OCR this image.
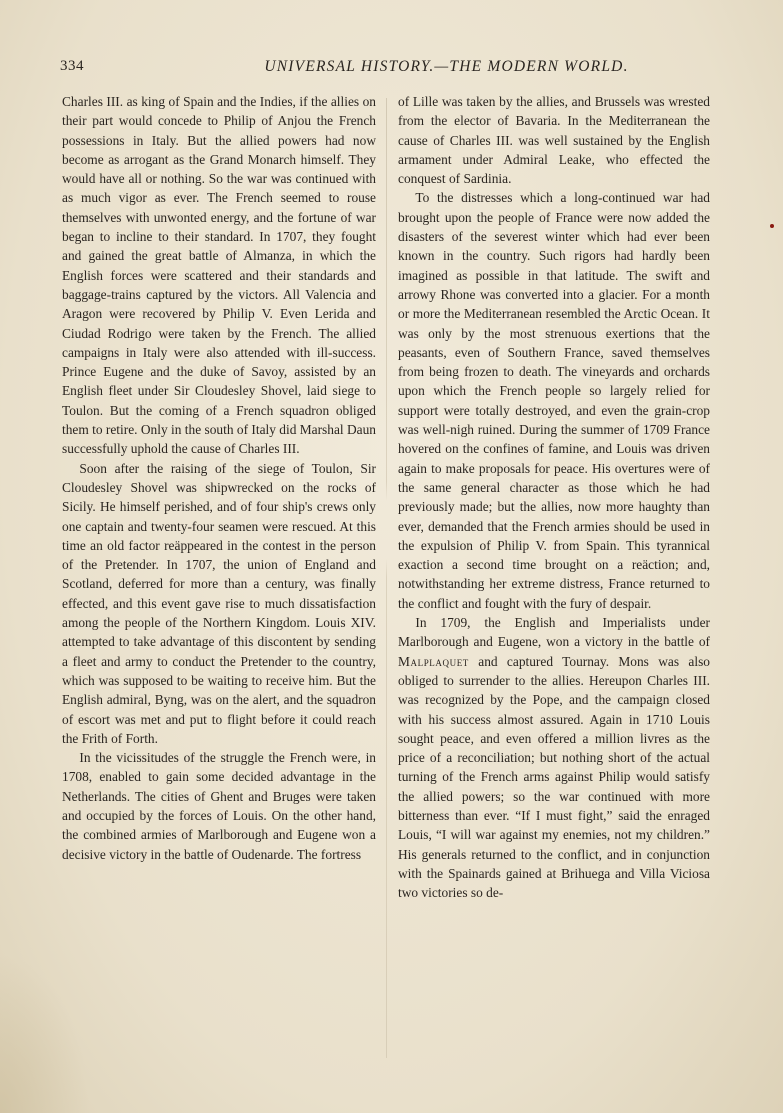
334	UNIVERSAL HISTORY.—THE MODERN WORLD.

Charles III. as king of Spain and the Indies, if the allies on their part would concede to Philip of Anjou the French possessions in Italy. But the allied powers had now become as arrogant as the Grand Monarch himself. They would have all or nothing. So the war was continued with as much vigor as ever. The French seemed to rouse themselves with unwonted energy, and the fortune of war began to incline to their standard. In 1707, they fought and gained the great battle of Almanza, in which the English forces were scattered and their standards and baggage-trains captured by the victors. All Valencia and Aragon were recovered by Philip V. Even Lerida and Ciudad Rodrigo were taken by the French. The allied campaigns in Italy were also attended with ill-success. Prince Eugene and the duke of Savoy, assisted by an English fleet under Sir Cloudesley Shovel, laid siege to Toulon. But the coming of a French squadron obliged them to retire. Only in the south of Italy did Marshal Daun successfully uphold the cause of Charles III.

Soon after the raising of the siege of Toulon, Sir Cloudesley Shovel was shipwrecked on the rocks of Sicily. He himself perished, and of four ship's crews only one captain and twenty-four seamen were rescued. At this time an old factor reäppeared in the contest in the person of the Pretender. In 1707, the union of England and Scotland, deferred for more than a century, was finally effected, and this event gave rise to much dissatisfaction among the people of the Northern Kingdom. Louis XIV. attempted to take advantage of this discontent by sending a fleet and army to conduct the Pretender to the country, which was supposed to be waiting to receive him. But the English admiral, Byng, was on the alert, and the squadron of escort was met and put to flight before it could reach the Frith of Forth.

In the vicissitudes of the struggle the French were, in 1708, enabled to gain some decided advantage in the Netherlands. The cities of Ghent and Bruges were taken and occupied by the forces of Louis. On the other hand, the combined armies of Marlborough and Eugene won a decisive victory in the battle of Oudenarde. The fortress

of Lille was taken by the allies, and Brussels was wrested from the elector of Bavaria. In the Mediterranean the cause of Charles III. was well sustained by the English armament under Admiral Leake, who effected the conquest of Sardinia.

To the distresses which a long-continued war had brought upon the people of France were now added the disasters of the severest winter which had ever been known in the country. Such rigors had hardly been imagined as possible in that latitude. The swift and arrowy Rhone was converted into a glacier. For a month or more the Mediterranean resembled the Arctic Ocean. It was only by the most strenuous exertions that the peasants, even of Southern France, saved themselves from being frozen to death. The vineyards and orchards upon which the French people so largely relied for support were totally destroyed, and even the grain-crop was well-nigh ruined. During the summer of 1709 France hovered on the confines of famine, and Louis was driven again to make proposals for peace. His overtures were of the same general character as those which he had previously made; but the allies, now more haughty than ever, demanded that the French armies should be used in the expulsion of Philip V. from Spain. This tyrannical exaction a second time brought on a reäction; and, notwithstanding her extreme distress, France returned to the conflict and fought with the fury of despair.

In 1709, the English and Imperialists under Marlborough and Eugene, won a victory in the battle of Malplaquet and captured Tournay. Mons was also obliged to surrender to the allies. Hereupon Charles III. was recognized by the Pope, and the campaign closed with his success almost assured. Again in 1710 Louis sought peace, and even offered a million livres as the price of a reconciliation; but nothing short of the actual turning of the French arms against Philip would satisfy the allied powers; so the war continued with more bitterness than ever. “If I must fight,” said the enraged Louis, “I will war against my enemies, not my children.” His generals returned to the conflict, and in conjunction with the Spainards gained at Brihuega and Villa Viciosa two victories so de-
